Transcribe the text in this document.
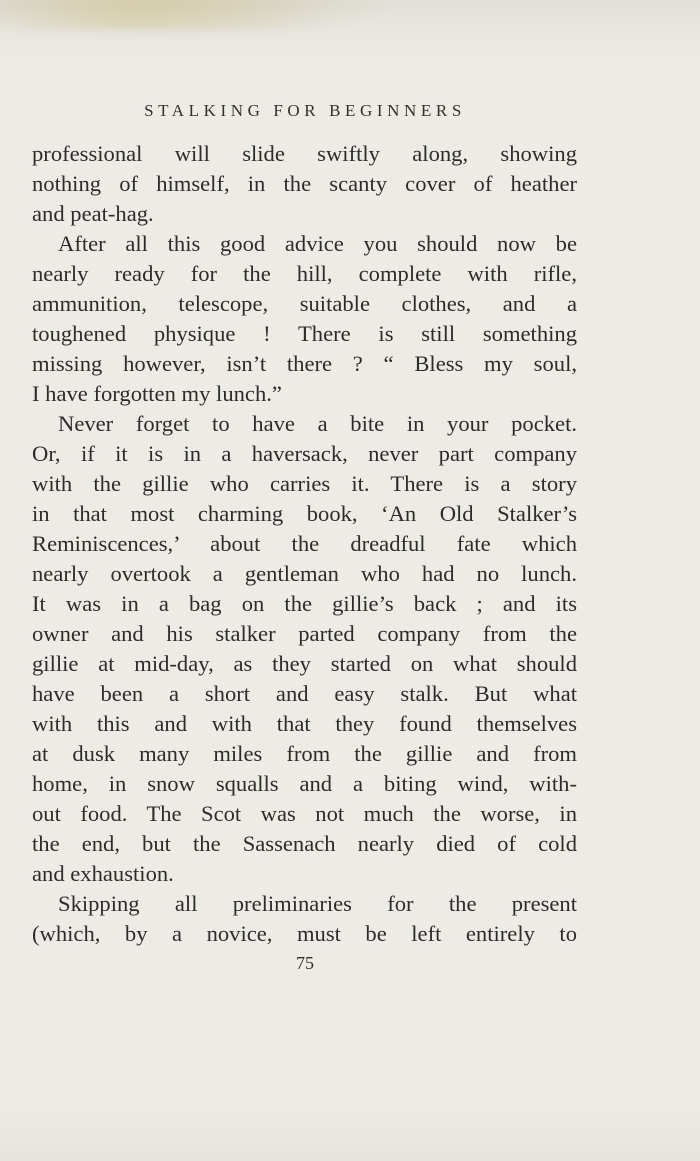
STALKING FOR BEGINNERS
professional will slide swiftly along, showing
nothing of himself, in the scanty cover of heather
and peat-hag.
After all this good advice you should now be
nearly ready for the hill, complete with rifle,
ammunition, telescope, suitable clothes, and a
toughened physique ! There is still something
missing however, isn’t there ? “ Bless my soul,
I have forgotten my lunch.”
Never forget to have a bite in your pocket.
Or, if it is in a haversack, never part company
with the gillie who carries it. There is a story
in that most charming book, ‘An Old Stalker’s
Reminiscences,’ about the dreadful fate which
nearly overtook a gentleman who had no lunch.
It was in a bag on the gillie’s back ; and its
owner and his stalker parted company from the
gillie at mid-day, as they started on what should
have been a short and easy stalk. But what
with this and with that they found themselves
at dusk many miles from the gillie and from
home, in snow squalls and a biting wind, with-
out food. The Scot was not much the worse, in
the end, but the Sassenach nearly died of cold
and exhaustion.
Skipping all preliminaries for the present
(which, by a novice, must be left entirely to
75
